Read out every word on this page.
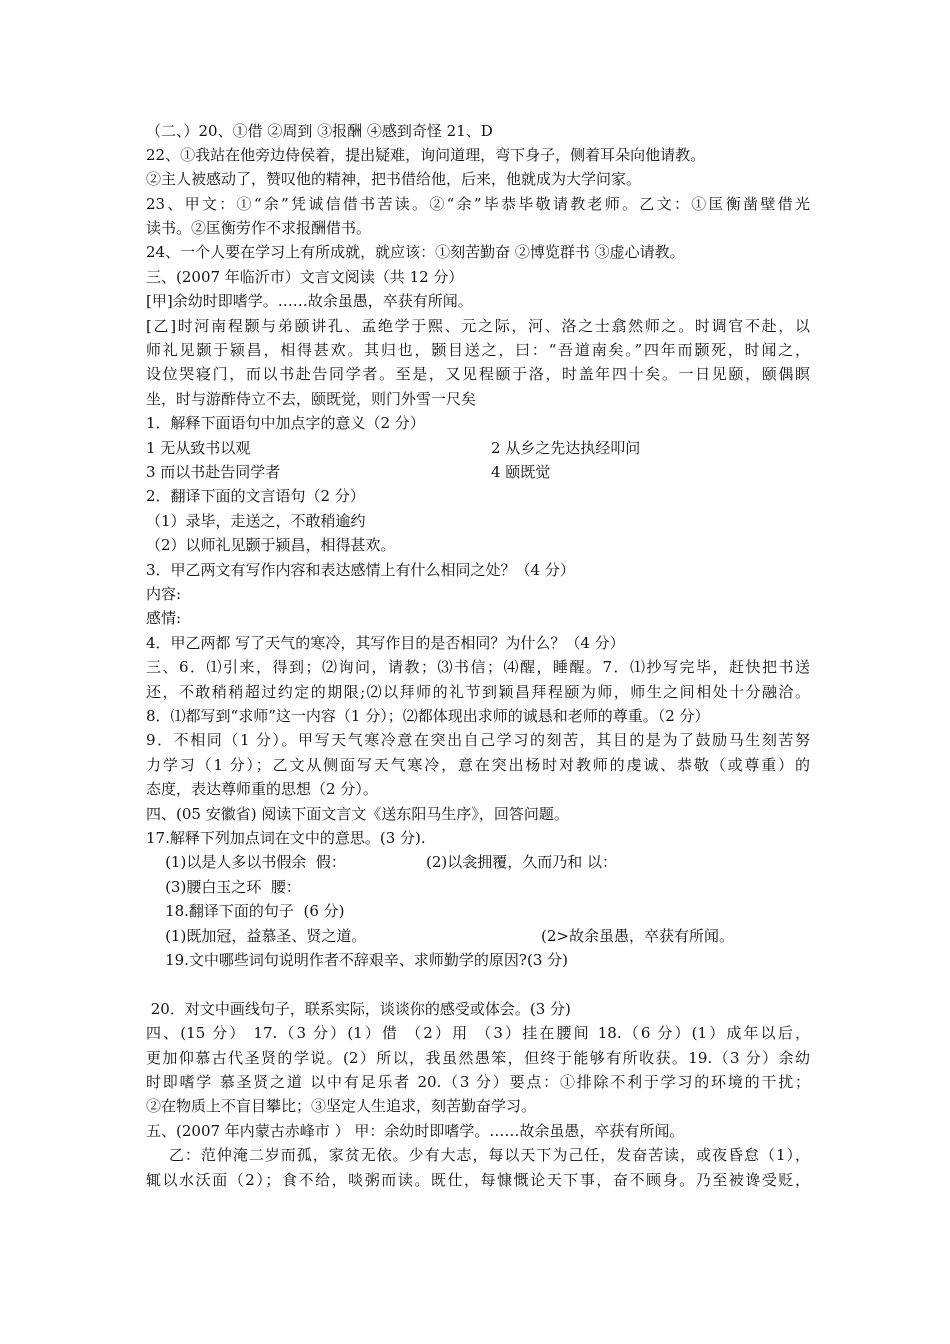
（二、）20、①借 ②周到 ③报酬 ④感到奇怪 21、D
22、①我站在他旁边侍侯着，提出疑难，询问道理，弯下身子，侧着耳朵向他请教。
②主人被感动了，赞叹他的精神，把书借给他，后来，他就成为大学问家。
23、甲文：①“余”凭诚信借书苦读。②“余”毕恭毕敬请教老师。乙文：①匡衡凿壁借光
读书。②匡衡劳作不求报酬借书。
24、一个人要在学习上有所成就，就应该：①刻苦勤奋 ②博览群书 ③虚心请教。
三、(2007 年临沂市）文言文阅读（共 12 分）
[甲]余幼时即嗜学。……故余虽愚，卒获有所闻。
[乙]时河南程颢与弟颐讲孔、孟绝学于熙、元之际，河、洛之士翕然师之。时调官不赴，以
师礼见颢于颍昌，相得甚欢。其归也，颢目送之，曰：“吾道南矣。”四年而颢死，时闻之，
设位哭寝门，而以书赴告同学者。至是，又见程颐于洛，时盖年四十矣。一日见颐，颐偶瞑
坐，时与游酢侍立不去，颐既觉，则门外雪一尺矣
1．解释下面语句中加点字的意义（2 分）
1 无从致书以观	2 从乡之先达执经叩问
3 而以书赴告同学者	4 颐既觉
2．翻译下面的文言语句（2 分）
（1）录毕，走送之，不敢稍逾约
（2）以师礼见颢于颍昌，相得甚欢。
3．甲乙两文有写作内容和表达感情上有什么相同之处？（4 分）
内容:
感情:
4．甲乙两都 写了天气的寒冷，其写作目的是否相同？为什么？（4 分）
三、6．⑴引来，得到；⑵询问，请教；⑶书信；⑷醒，睡醒。7．⑴抄写完毕，赶快把书送
还，不敢稍稍超过约定的期限;⑵以拜师的礼节到颖昌拜程颐为师，师生之间相处十分融洽。
8．⑴都写到“求师”这一内容（1 分）；⑵都体现出求师的诚恳和老师的尊重。（2 分）
9．不相同（1 分）。甲写天气寒冷意在突出自己学习的刻苦，其目的是为了鼓励马生刻苦努
力学习（1 分）；乙文从侧面写天气寒冷，意在突出杨时对教师的虔诚、恭敬（或尊重）的
态度，表达尊师重的思想（2 分）。
四、(05 安徽省) 阅读下面文言文《送东阳马生序》，回答问题。
17.解释下列加点词在文中的意思。(3 分).
(1)以是人多以书假余  假：	(2)以衾拥覆，久而乃和 以：
(3)腰白玉之环  腰：
18.翻译下面的句子  (6 分)
(1)既加冠，益慕圣、贤之道。	(2>故余虽愚，卒获有所闻。
19.文中哪些词句说明作者不辞艰辛、求师勤学的原因?(3 分)
20．对文中画线句子，联系实际，谈谈你的感受或体会。(3 分)
四、(15 分） 17.（3 分）(1）借 （2）用 （3）挂在腰间 18.（6 分）(1）成年以后，
更加仰慕古代圣贤的学说。(2）所以，我虽然愚笨，但终于能够有所收获。19.（3 分）余幼
时即嗜学 慕圣贤之道 以中有足乐者 20.（3 分）要点：①排除不利于学习的环境的干扰；
②在物质上不盲目攀比；③坚定人生追求，刻苦勤奋学习。
五、(2007 年内蒙古赤峰市 ） 甲：余幼时即嗜学。……故余虽愚，卒获有所闻。
乙：范仲淹二岁而孤，家贫无依。少有大志，每以天下为己任，发奋苦读，或夜昏怠（1），
辄以水沃面（2）；食不给，啖粥而读。既仕，每慷慨论天下事，奋不顾身。乃至被谗受贬，
